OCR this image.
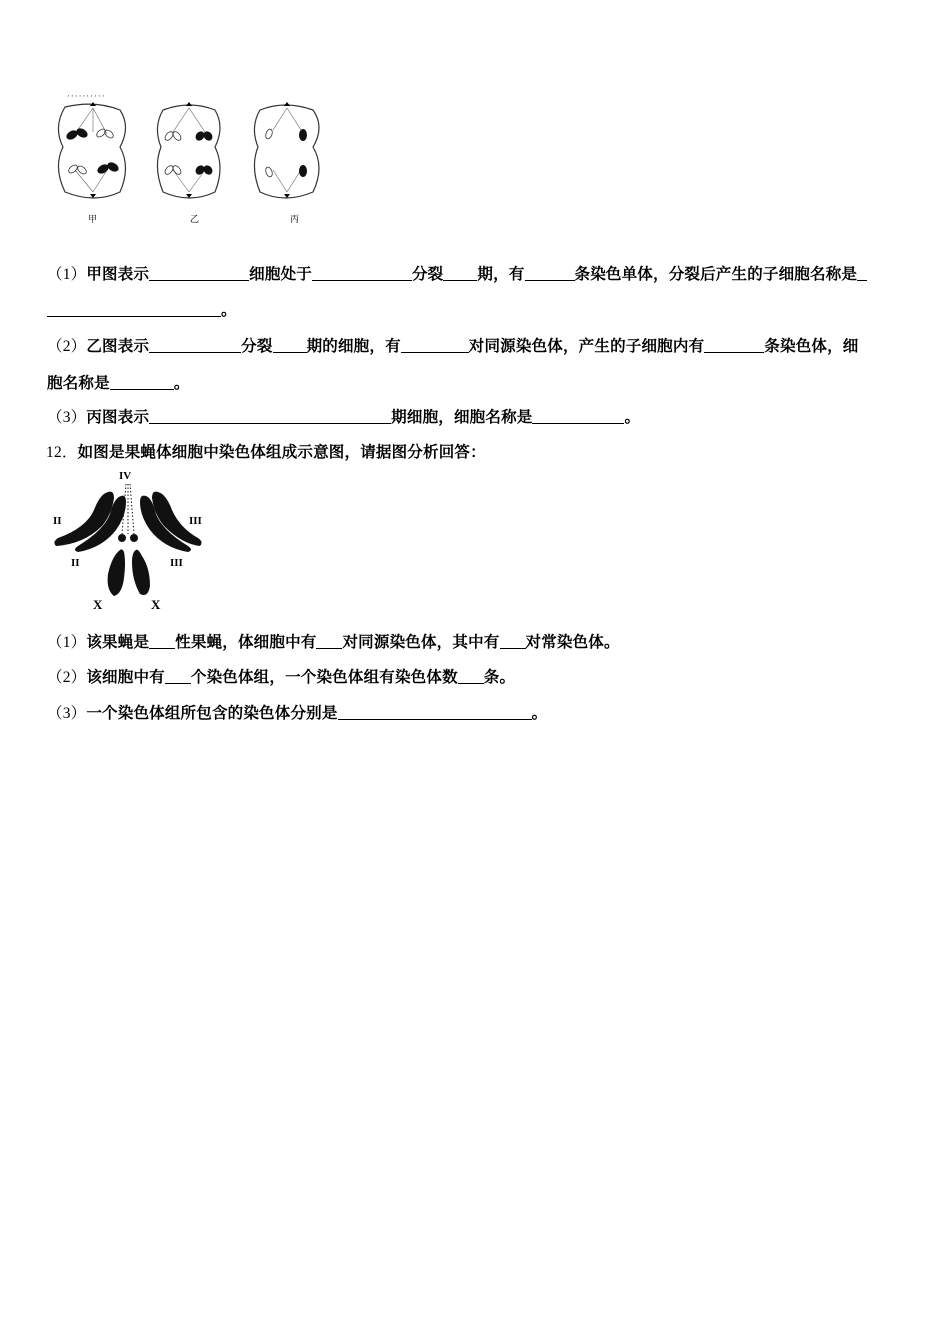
··········
甲	乙	丙
（1）甲图表示	细胞处于	分裂 期，有	条染色单体，分裂后产生的子细胞名称是
。
（2）乙图表示	分裂 期的细胞，有	对同源染色体，产生的子细胞内有	条染色体，细
胞名称是	。
（3）丙图表示	期细胞，细胞名称是	。
12．如图是果蝇体细胞中染色体组成示意图，请据图分析回答：
IV
II
II
III
III
X	X
（1）该果蝇是 性果蝇，体细胞中有 对同源染色体，其中有 对常染色体。
（2）该细胞中有 个染色体组，一个染色体组有染色体数 条。
（3）一个染色体组所包含的染色体分别是	。
